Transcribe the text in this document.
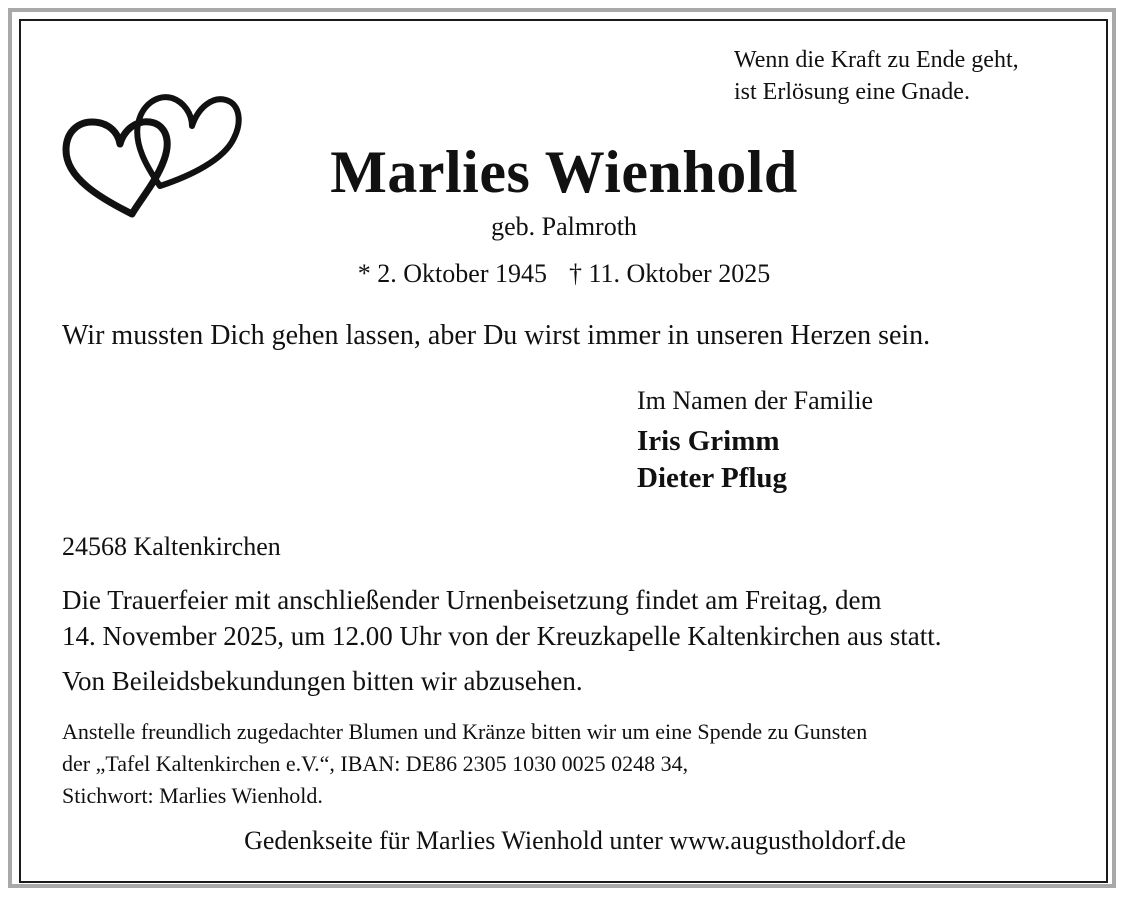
Wenn die Kraft zu Ende geht,
ist Erlösung eine Gnade.
Marlies Wienhold
geb. Palmroth
* 2. Oktober 1945 † 11. Oktober 2025
Wir mussten Dich gehen lassen, aber Du wirst immer in unseren Herzen sein.
Im Namen der Familie
Iris Grimm
Dieter Pflug
24568 Kaltenkirchen
Die Trauerfeier mit anschließender Urnenbeisetzung findet am Freitag, dem
14. November 2025, um 12.00 Uhr von der Kreuzkapelle Kaltenkirchen aus statt.
Von Beileidsbekundungen bitten wir abzusehen.
Anstelle freundlich zugedachter Blumen und Kränze bitten wir um eine Spende zu Gunsten
der „Tafel Kaltenkirchen e.V.“, IBAN: DE86 2305 1030 0025 0248 34,
Stichwort: Marlies Wienhold.
Gedenkseite für Marlies Wienhold unter www.augustholdorf.de
